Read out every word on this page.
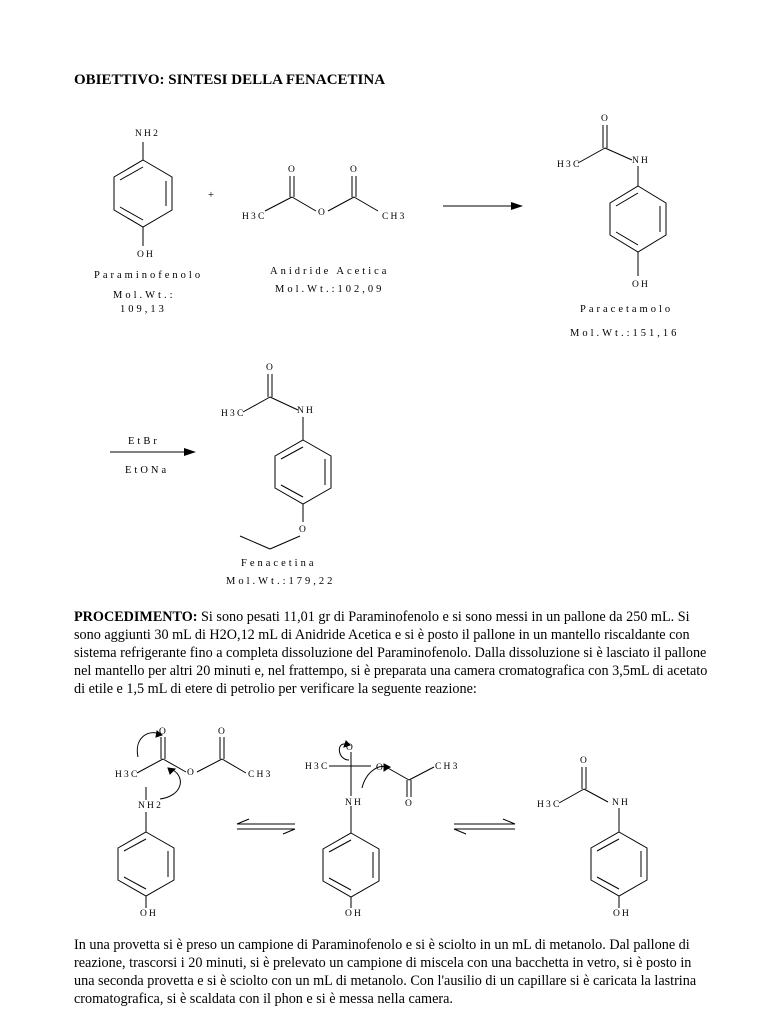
OBIETTIVO: SINTESI DELLA FENACETINA
NH2
OH
+
Paraminofenolo
Mol.Wt.:
109,13
H3C
O
O
O
CH3
Anidride Acetica
Mol.Wt.:102,09
O
H3C	NH
OH
Paracetamolo
Mol.Wt.:151,16
EtBr
EtONa
O
H3C	NH
O
Fenacetina
Mol.Wt.:179,22
O
H3C	O
O
CH3
NH2
OH
H3C
O
O	CH3
O
NH
OH
O
H3C	NH
OH
PROCEDIMENTO: Si sono pesati 11,01 gr di Paraminofenolo e si sono messi in un pallone da 250 mL. Si sono aggiunti 30 mL di H2O,12 mL di Anidride Acetica e si è posto il pallone in un mantello riscaldante con sistema refrigerante fino a completa dissoluzione del Paraminofenolo. Dalla dissoluzione si è lasciato il pallone nel mantello per altri 20 minuti e, nel frattempo, si è preparata una camera cromatografica con 3,5mL di acetato di etile e 1,5 mL di etere di petrolio per verificare la seguente reazione:
In una provetta si è preso un campione di Paraminofenolo e si è sciolto in un mL di metanolo. Dal pallone di reazione, trascorsi i 20 minuti, si è prelevato un campione di miscela con una bacchetta in vetro, si è posto in una seconda provetta e si è sciolto con un mL di metanolo. Con l'ausilio di un capillare si è caricata la lastrina cromatografica, si è scaldata con il phon e si è messa nella camera.
